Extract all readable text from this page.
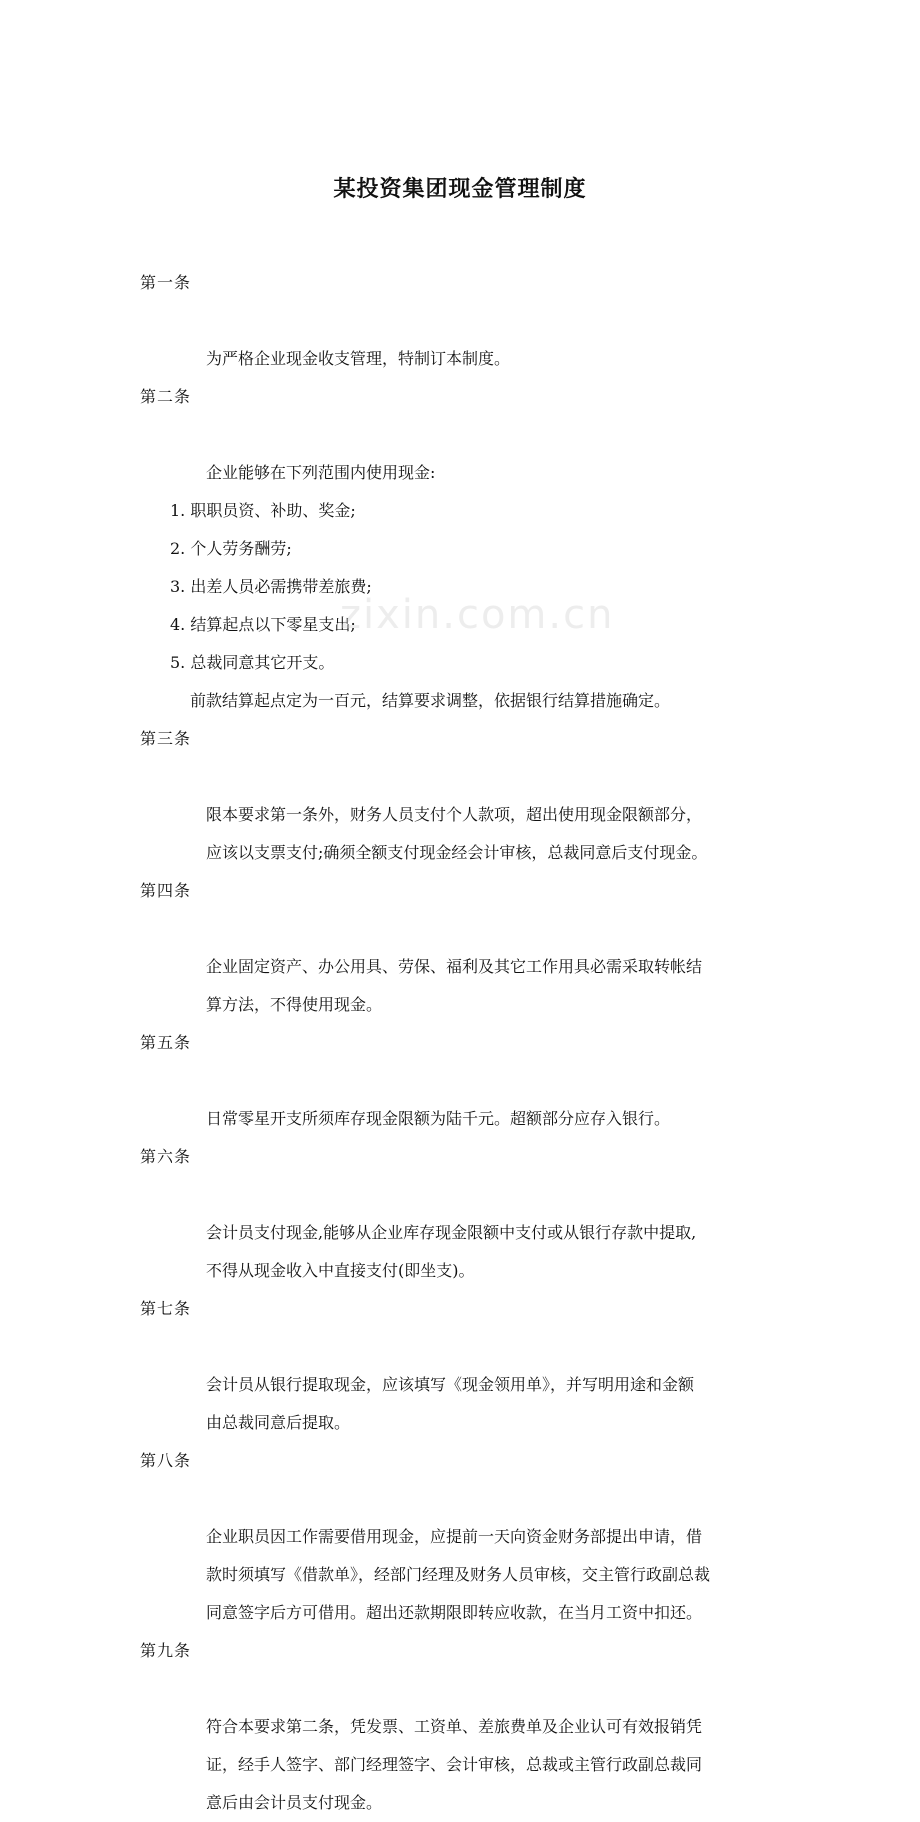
某投资集团现金管理制度

第一条

为严格企业现金收支管理，特制订本制度。

第二条

企业能够在下列范围内使用现金:

1. 职职员资、补助、奖金;
2. 个人劳务酬劳;
3. 出差人员必需携带差旅费;
4. 结算起点以下零星支出;
5. 总裁同意其它开支。
前款结算起点定为一百元，结算要求调整，依据银行结算措施确定。

第三条

限本要求第一条外，财务人员支付个人款项，超出使用现金限额部分，
应该以支票支付;确须全额支付现金经会计审核，总裁同意后支付现金。

第四条

企业固定资产、办公用具、劳保、福利及其它工作用具必需采取转帐结
算方法，不得使用现金。

第五条

日常零星开支所须库存现金限额为陆千元。超额部分应存入银行。

第六条

会计员支付现金,能够从企业库存现金限额中支付或从银行存款中提取,
不得从现金收入中直接支付(即坐支)。

第七条

会计员从银行提取现金，应该填写《现金领用单》，并写明用途和金额
由总裁同意后提取。

第八条

企业职员因工作需要借用现金，应提前一天向资金财务部提出申请，借
款时须填写《借款单》，经部门经理及财务人员审核，交主管行政副总裁
同意签字后方可借用。超出还款期限即转应收款，在当月工资中扣还。

第九条

符合本要求第二条，凭发票、工资单、差旅费单及企业认可有效报销凭
证，经手人签字、部门经理签字、会计审核，总裁或主管行政副总裁同
意后由会计员支付现金。

zixin.com.cn
